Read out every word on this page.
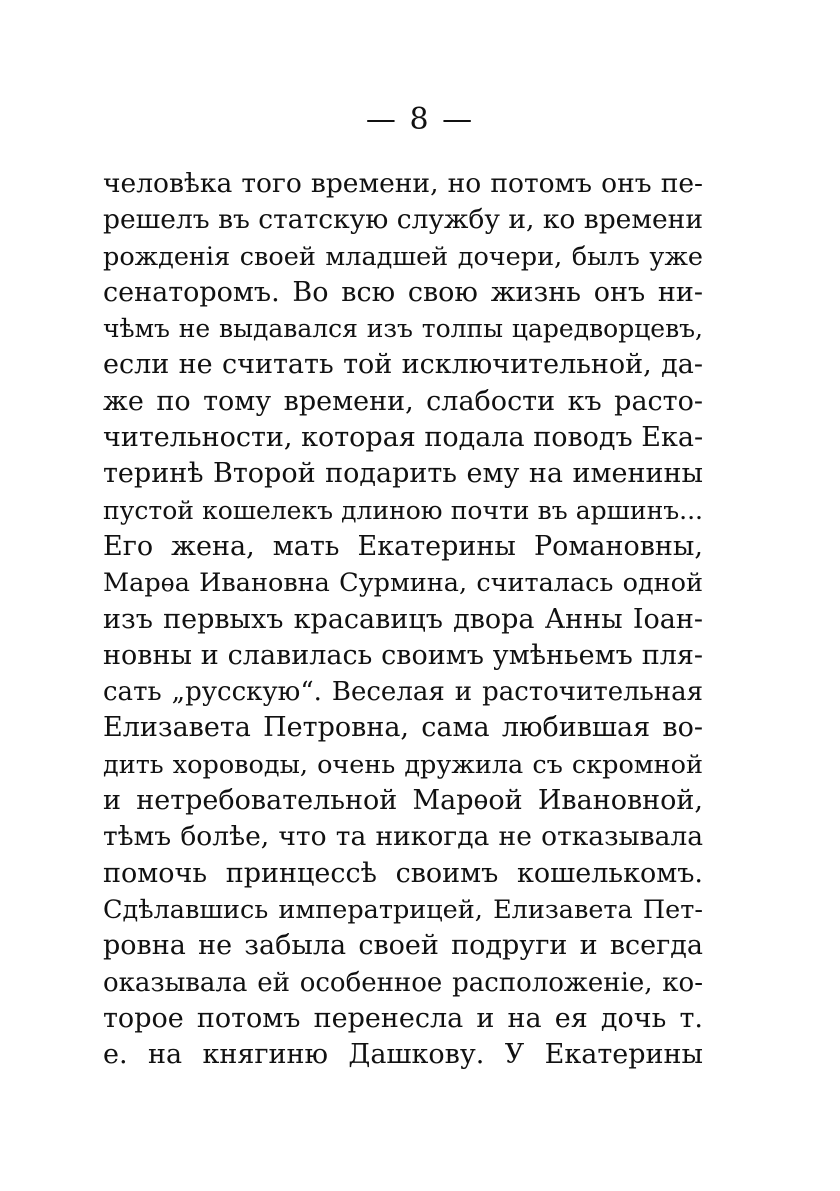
— 8 —
человѣка того времени, но потомъ онъ пе-
решелъ въ статскую службу и, ко времени
рожденія своей младшей дочери, былъ уже
сенаторомъ. Во всю свою жизнь онъ ни-
чѣмъ не выдавался изъ толпы царедворцевъ,
если не считать той исключительной, да-
же по тому времени, слабости къ расто-
чительности, которая подала поводъ Ека-
теринѣ Второй подарить ему на именины
пустой кошелекъ длиною почти въ аршинъ...
Его жена, мать Екатерины Романовны,
Марѳа Ивановна Сурмина, считалась одной
изъ первыхъ красавицъ двора Анны Іоан-
новны и славилась своимъ умѣньемъ пля-
сать „русскую“. Веселая и расточительная
Елизавета Петровна, сама любившая во-
дить хороводы, очень дружила съ скромной
и нетребовательной Марѳой Ивановной,
тѣмъ болѣе, что та никогда не отказывала
помочь принцессѣ своимъ кошелькомъ.
Сдѣлавшись императрицей, Елизавета Пет-
ровна не забыла своей подруги и всегда
оказывала ей особенное расположеніе, ко-
торое потомъ перенесла и на ея дочь т.
е. на княгиню Дашкову. У Екатерины
